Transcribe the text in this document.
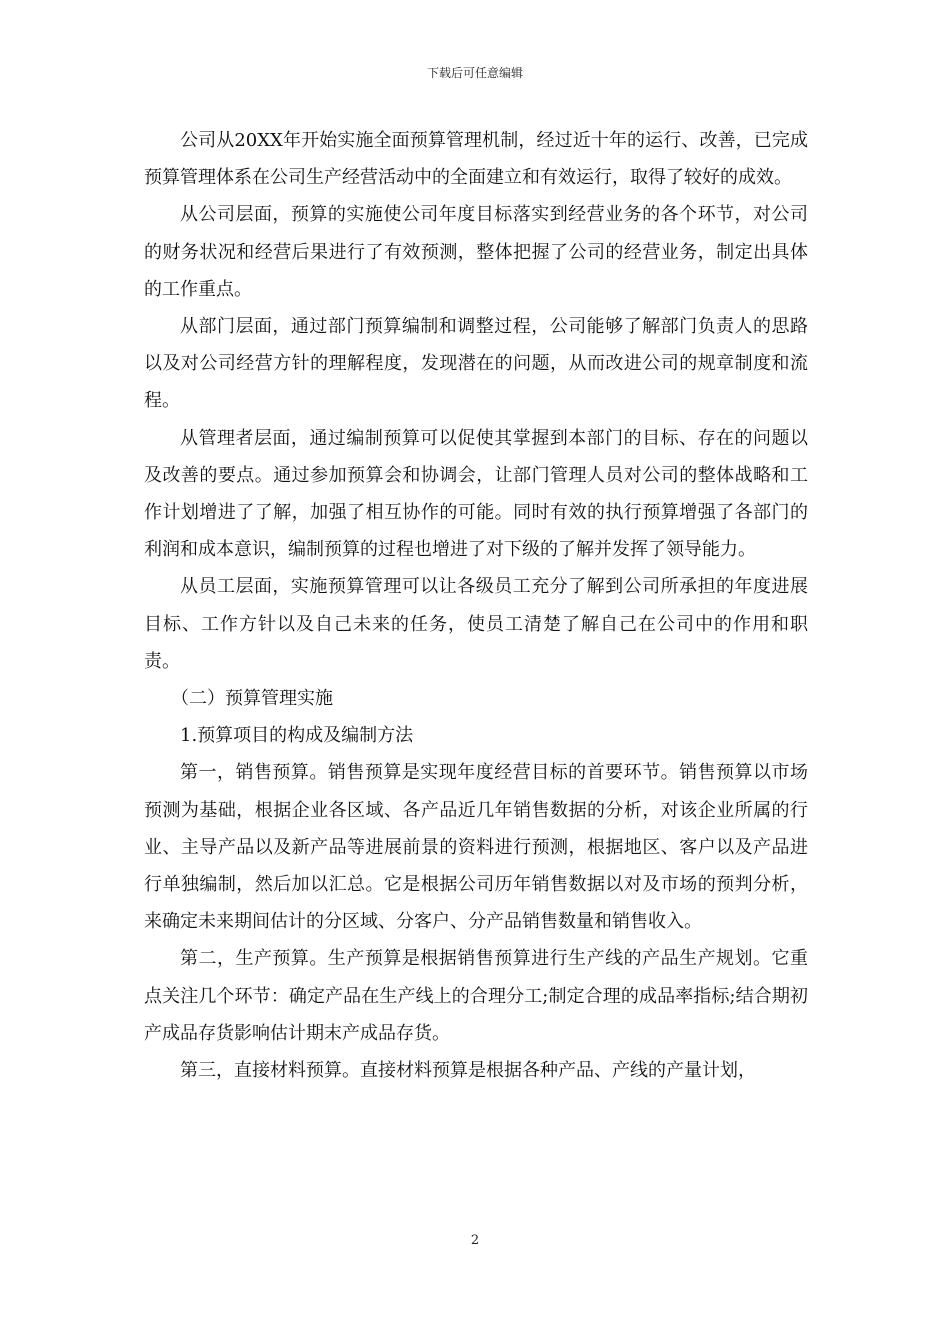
下载后可任意编辑

公司从20XX年开始实施全面预算管理机制，经过近十年的运行、改善，已完成预算管理体系在公司生产经营活动中的全面建立和有效运行，取得了较好的成效。

从公司层面，预算的实施使公司年度目标落实到经营业务的各个环节，对公司的财务状况和经营后果进行了有效预测，整体把握了公司的经营业务，制定出具体的工作重点。

从部门层面，通过部门预算编制和调整过程，公司能够了解部门负责人的思路以及对公司经营方针的理解程度，发现潜在的问题，从而改进公司的规章制度和流程。

从管理者层面，通过编制预算可以促使其掌握到本部门的目标、存在的问题以及改善的要点。通过参加预算会和协调会，让部门管理人员对公司的整体战略和工作计划增进了了解，加强了相互协作的可能。同时有效的执行预算增强了各部门的利润和成本意识，编制预算的过程也增进了对下级的了解并发挥了领导能力。

从员工层面，实施预算管理可以让各级员工充分了解到公司所承担的年度进展目标、工作方针以及自己未来的任务，使员工清楚了解自己在公司中的作用和职责。

（二）预算管理实施

1.预算项目的构成及编制方法

第一，销售预算。销售预算是实现年度经营目标的首要环节。销售预算以市场预测为基础，根据企业各区域、各产品近几年销售数据的分析，对该企业所属的行业、主导产品以及新产品等进展前景的资料进行预测，根据地区、客户以及产品进行单独编制，然后加以汇总。它是根据公司历年销售数据以对及市场的预判分析，来确定未来期间估计的分区域、分客户、分产品销售数量和销售收入。

第二，生产预算。生产预算是根据销售预算进行生产线的产品生产规划。它重点关注几个环节：确定产品在生产线上的合理分工;制定合理的成品率指标;结合期初产成品存货影响估计期末产成品存货。

第三，直接材料预算。直接材料预算是根据各种产品、产线的产量计划，

2
